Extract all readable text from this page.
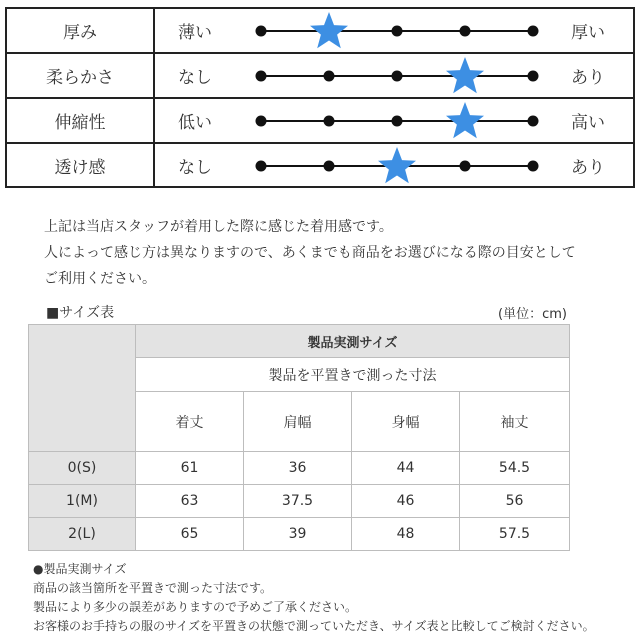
厚み	薄い	厚い
柔らかさ	なし	あり
伸縮性	低い	高い
透け感	なし	あり

上記は当店スタッフが着用した際に感じた着用感です。

人によって感じ方は異なりますので、あくまでも商品をお選びになる際の目安として

ご利用ください。

■サイズ表	(単位：cm)
	製品実測サイズ			
	製品を平置きで測った寸法			
	着丈	肩幅	身幅	袖丈
0(S)	61	36	44	54.5
1(M)	63	37.5	46	56
2(L)	65	39	48	57.5

●製品実測サイズ

商品の該当箇所を平置きで測った寸法です。

製品により多少の誤差がありますので予めご了承ください。

お客様のお手持ちの服のサイズを平置きの状態で測っていただき、サイズ表と比較してご検討ください。
